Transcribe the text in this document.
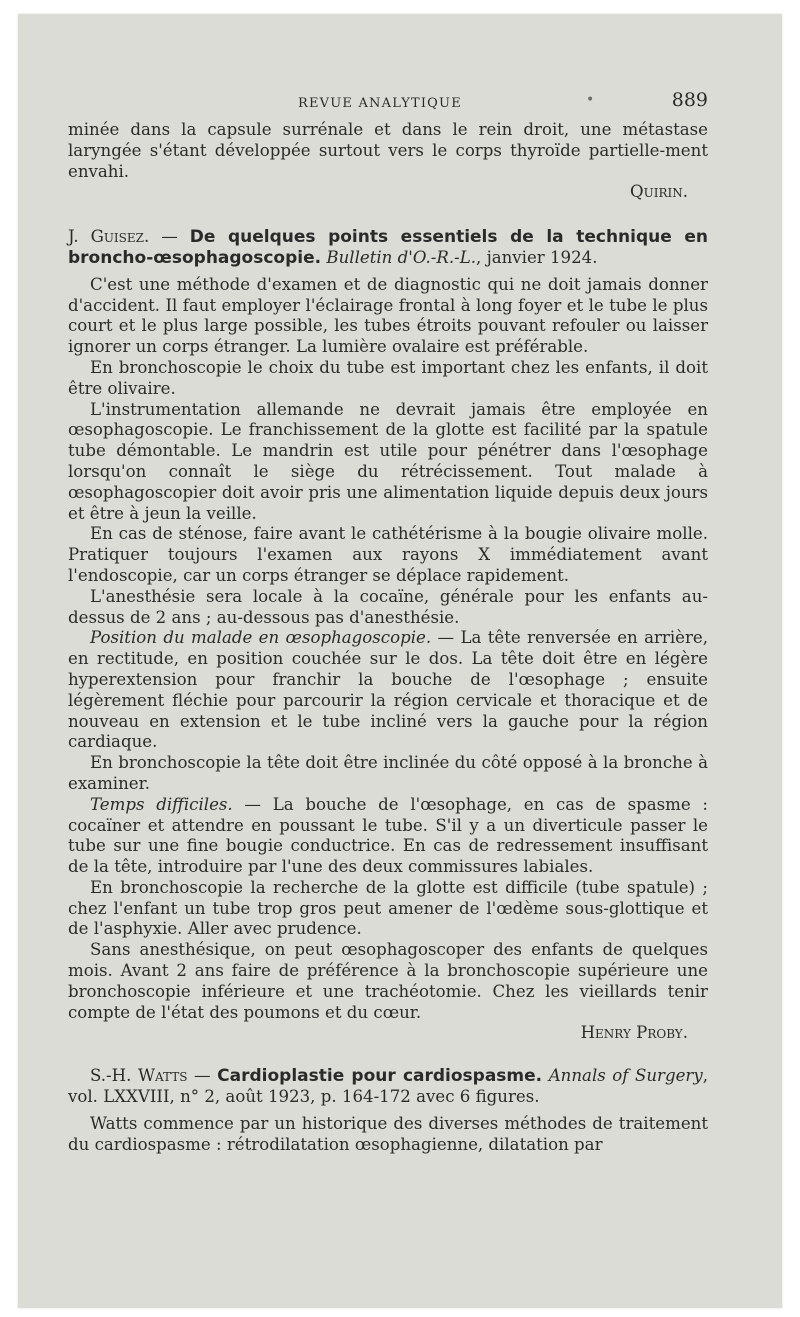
REVUE ANALYTIQUE	•	889

minée dans la capsule surrénale et dans le rein droit, une métastase laryngée s'étant développée surtout vers le corps thyroïde partielle-ment envahi.

Quirin.

J. Guisez. — De quelques points essentiels de la technique en broncho-œsophagoscopie. Bulletin d'O.-R.-L., janvier 1924.

C'est une méthode d'examen et de diagnostic qui ne doit jamais donner d'accident. Il faut employer l'éclairage frontal à long foyer et le tube le plus court et le plus large possible, les tubes étroits pouvant refouler ou laisser ignorer un corps étranger. La lumière ovalaire est préférable.

En bronchoscopie le choix du tube est important chez les enfants, il doit être olivaire.

L'instrumentation allemande ne devrait jamais être employée en œsophagoscopie. Le franchissement de la glotte est facilité par la spatule tube démontable. Le mandrin est utile pour pénétrer dans l'œsophage lorsqu'on connaît le siège du rétrécissement. Tout malade à œsophagoscopier doit avoir pris une alimentation liquide depuis deux jours et être à jeun la veille.

En cas de sténose, faire avant le cathétérisme à la bougie olivaire molle. Pratiquer toujours l'examen aux rayons X immédiatement avant l'endoscopie, car un corps étranger se déplace rapidement.

L'anesthésie sera locale à la cocaïne, générale pour les enfants au-dessus de 2 ans ; au-dessous pas d'anesthésie.

Position du malade en œsophagoscopie. — La tête renversée en arrière, en rectitude, en position couchée sur le dos. La tête doit être en légère hyperextension pour franchir la bouche de l'œsophage ; ensuite légèrement fléchie pour parcourir la région cervicale et thoracique et de nouveau en extension et le tube incliné vers la gauche pour la région cardiaque.

En bronchoscopie la tête doit être inclinée du côté opposé à la bronche à examiner.

Temps difficiles. — La bouche de l'œsophage, en cas de spasme : cocaïner et attendre en poussant le tube. S'il y a un diverticule passer le tube sur une fine bougie conductrice. En cas de redressement insuffisant de la tête, introduire par l'une des deux commissures labiales.

En bronchoscopie la recherche de la glotte est difficile (tube spatule) ; chez l'enfant un tube trop gros peut amener de l'œdème sous-glottique et de l'asphyxie. Aller avec prudence.

Sans anesthésique, on peut œsophagoscoper des enfants de quelques mois. Avant 2 ans faire de préférence à la bronchoscopie supérieure une bronchoscopie inférieure et une trachéotomie. Chez les vieillards tenir compte de l'état des poumons et du cœur.

Henry Proby.

S.-H. Watts — Cardioplastie pour cardiospasme. Annals of Surgery, vol. LXXVIII, n° 2, août 1923, p. 164-172 avec 6 figures.

Watts commence par un historique des diverses méthodes de traitement du cardiospasme : rétrodilatation œsophagienne, dilatation par
